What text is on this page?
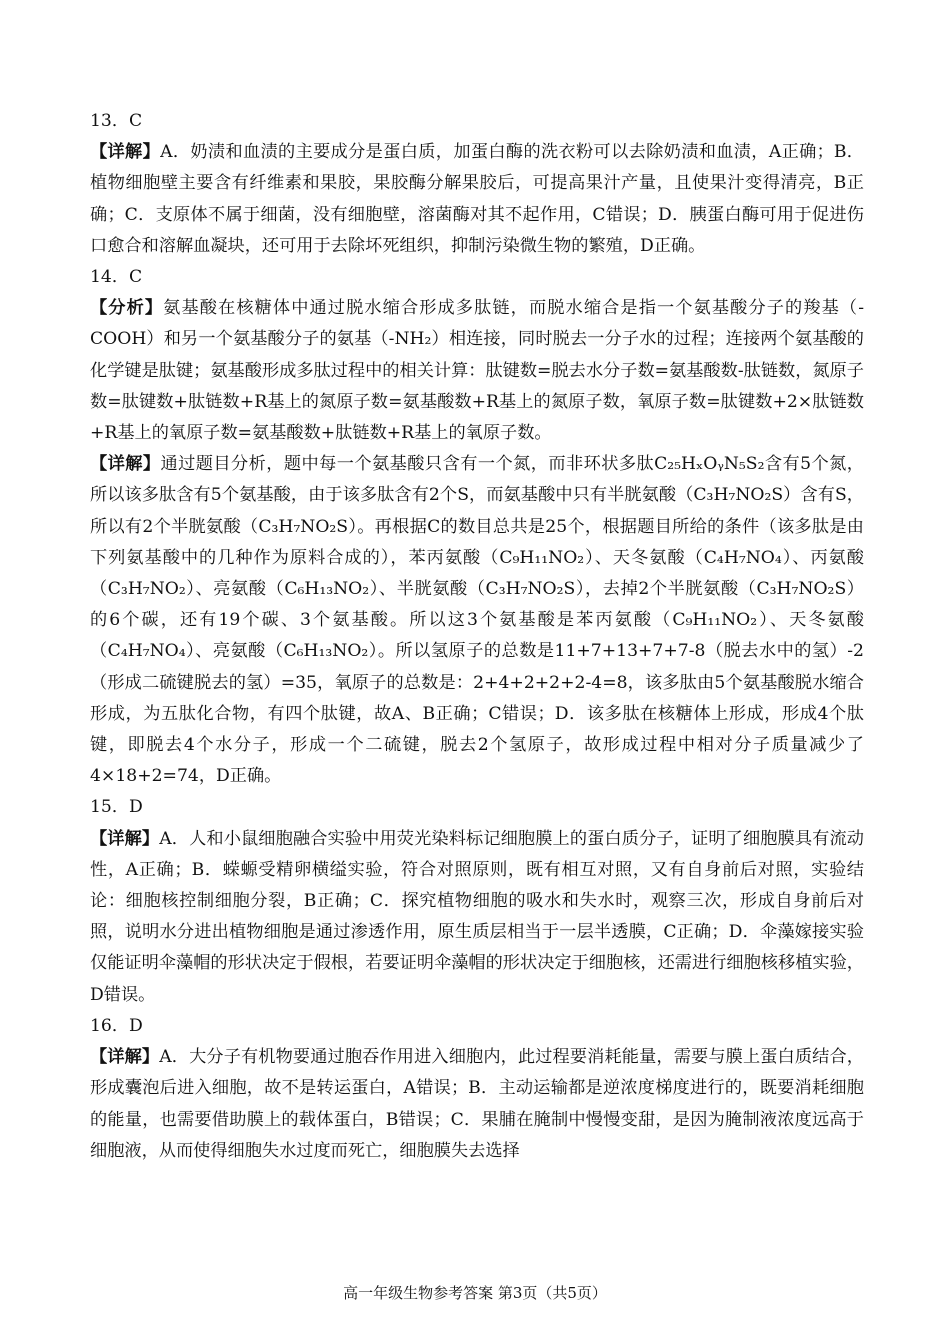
13．C

【详解】A．奶渍和血渍的主要成分是蛋白质，加蛋白酶的洗衣粉可以去除奶渍和血渍，A正确；B．植物细胞壁主要含有纤维素和果胶，果胶酶分解果胶后，可提高果汁产量，且使果汁变得清亮，B正确；C．支原体不属于细菌，没有细胞壁，溶菌酶对其不起作用，C错误；D．胰蛋白酶可用于促进伤口愈合和溶解血凝块，还可用于去除坏死组织，抑制污染微生物的繁殖，D正确。

14．C

【分析】氨基酸在核糖体中通过脱水缩合形成多肽链，而脱水缩合是指一个氨基酸分子的羧基（-COOH）和另一个氨基酸分子的氨基（-NH₂）相连接，同时脱去一分子水的过程；连接两个氨基酸的化学键是肽键；氨基酸形成多肽过程中的相关计算：肽键数=脱去水分子数=氨基酸数-肽链数，氮原子数=肽键数+肽链数+R基上的氮原子数=氨基酸数+R基上的氮原子数，氧原子数=肽键数+2×肽链数+R基上的氧原子数=氨基酸数+肽链数+R基上的氧原子数。

【详解】通过题目分析，题中每一个氨基酸只含有一个氮，而非环状多肽C₂₅HₓOᵧN₅S₂含有5个氮，所以该多肽含有5个氨基酸，由于该多肽含有2个S，而氨基酸中只有半胱氨酸（C₃H₇NO₂S）含有S，所以有2个半胱氨酸（C₃H₇NO₂S）。再根据C的数目总共是25个，根据题目所给的条件（该多肽是由下列氨基酸中的几种作为原料合成的），苯丙氨酸（C₉H₁₁NO₂）、天冬氨酸（C₄H₇NO₄）、丙氨酸（C₃H₇NO₂）、亮氨酸（C₆H₁₃NO₂）、半胱氨酸（C₃H₇NO₂S），去掉2个半胱氨酸（C₃H₇NO₂S）的6个碳，还有19个碳、3个氨基酸。所以这3个氨基酸是苯丙氨酸（C₉H₁₁NO₂）、天冬氨酸（C₄H₇NO₄）、亮氨酸（C₆H₁₃NO₂）。所以氢原子的总数是11+7+13+7+7-8（脱去水中的氢）-2（形成二硫键脱去的氢）=35，氧原子的总数是：2+4+2+2+2-4=8，该多肽由5个氨基酸脱水缩合形成，为五肽化合物，有四个肽键，故A、B正确；C错误；D．该多肽在核糖体上形成，形成4个肽键，即脱去4个水分子，形成一个二硫键，脱去2个氢原子，故形成过程中相对分子质量减少了4×18+2=74，D正确。

15．D

【详解】A．人和小鼠细胞融合实验中用荧光染料标记细胞膜上的蛋白质分子，证明了细胞膜具有流动性，A正确；B．蝾螈受精卵横缢实验，符合对照原则，既有相互对照，又有自身前后对照，实验结论：细胞核控制细胞分裂，B正确；C．探究植物细胞的吸水和失水时，观察三次，形成自身前后对照，说明水分进出植物细胞是通过渗透作用，原生质层相当于一层半透膜，C正确；D．伞藻嫁接实验仅能证明伞藻帽的形状决定于假根，若要证明伞藻帽的形状决定于细胞核，还需进行细胞核移植实验，D错误。

16．D

【详解】A．大分子有机物要通过胞吞作用进入细胞内，此过程要消耗能量，需要与膜上蛋白质结合，形成囊泡后进入细胞，故不是转运蛋白，A错误；B．主动运输都是逆浓度梯度进行的，既要消耗细胞的能量，也需要借助膜上的载体蛋白，B错误；C．果脯在腌制中慢慢变甜，是因为腌制液浓度远高于细胞液，从而使得细胞失水过度而死亡，细胞膜失去选择

高一年级生物参考答案 第3页（共5页）
